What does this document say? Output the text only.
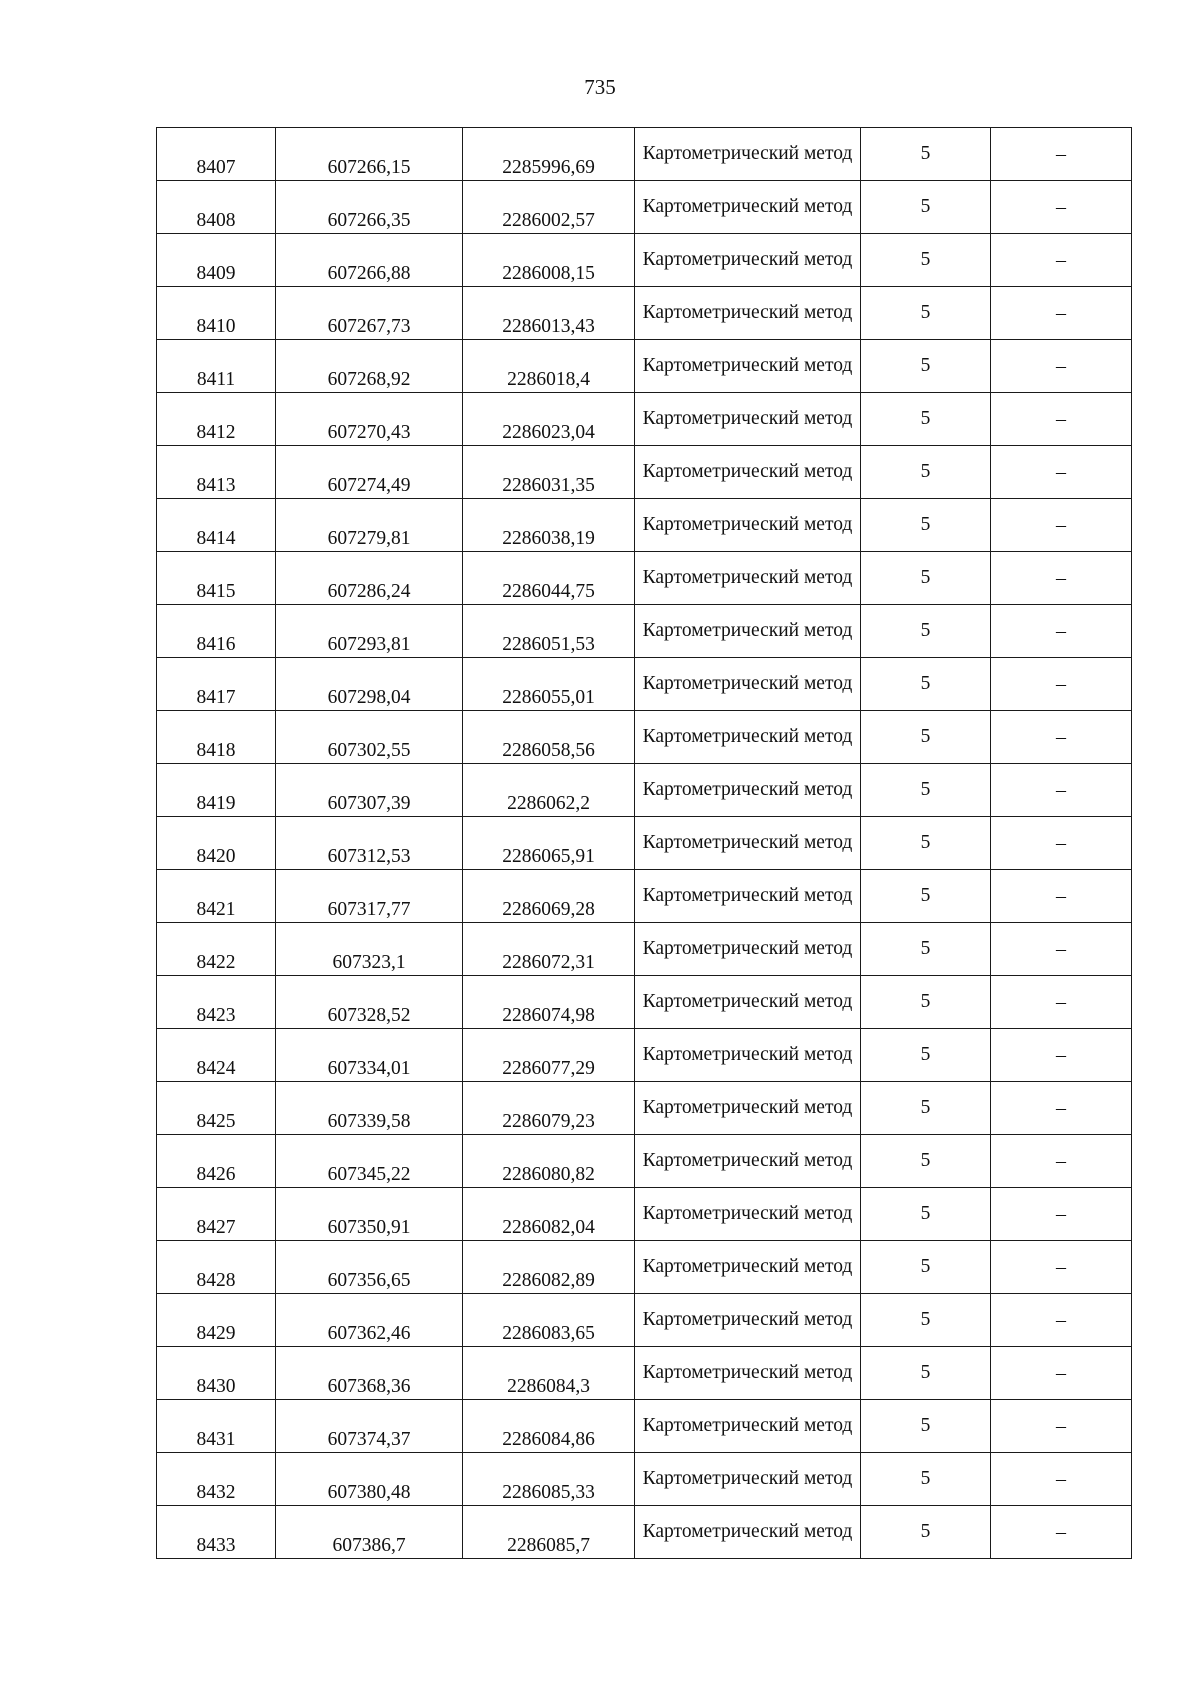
735
8407	607266,15	2285996,69	Картометрический метод	5	–
8408	607266,35	2286002,57	Картометрический метод	5	–
8409	607266,88	2286008,15	Картометрический метод	5	–
8410	607267,73	2286013,43	Картометрический метод	5	–
8411	607268,92	2286018,4	Картометрический метод	5	–
8412	607270,43	2286023,04	Картометрический метод	5	–
8413	607274,49	2286031,35	Картометрический метод	5	–
8414	607279,81	2286038,19	Картометрический метод	5	–
8415	607286,24	2286044,75	Картометрический метод	5	–
8416	607293,81	2286051,53	Картометрический метод	5	–
8417	607298,04	2286055,01	Картометрический метод	5	–
8418	607302,55	2286058,56	Картометрический метод	5	–
8419	607307,39	2286062,2	Картометрический метод	5	–
8420	607312,53	2286065,91	Картометрический метод	5	–
8421	607317,77	2286069,28	Картометрический метод	5	–
8422	607323,1	2286072,31	Картометрический метод	5	–
8423	607328,52	2286074,98	Картометрический метод	5	–
8424	607334,01	2286077,29	Картометрический метод	5	–
8425	607339,58	2286079,23	Картометрический метод	5	–
8426	607345,22	2286080,82	Картометрический метод	5	–
8427	607350,91	2286082,04	Картометрический метод	5	–
8428	607356,65	2286082,89	Картометрический метод	5	–
8429	607362,46	2286083,65	Картометрический метод	5	–
8430	607368,36	2286084,3	Картометрический метод	5	–
8431	607374,37	2286084,86	Картометрический метод	5	–
8432	607380,48	2286085,33	Картометрический метод	5	–
8433	607386,7	2286085,7	Картометрический метод	5	–
